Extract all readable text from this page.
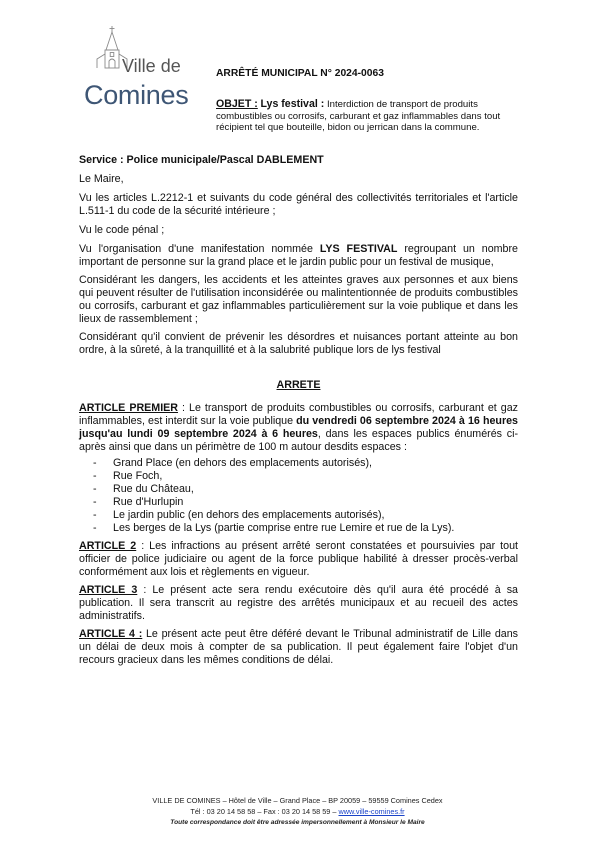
Ville de
Comines

ARRÊTÉ MUNICIPAL N° 2024-0063

OBJET : Lys festival : Interdiction de transport de produits combustibles ou corrosifs, carburant et gaz inflammables dans tout récipient tel que bouteille, bidon ou jerrican dans la commune.

Service : Police municipale/Pascal DABLEMENT

Le Maire,

Vu les articles L.2212-1 et suivants du code général des collectivités territoriales et l'article L.511-1 du code de la sécurité intérieure ;

Vu le code pénal ;

Vu l'organisation d'une manifestation nommée LYS FESTIVAL regroupant un nombre important de personne sur la grand place et le jardin public pour un festival de musique,

Considérant les dangers, les accidents et les atteintes graves aux personnes et aux biens qui peuvent résulter de l'utilisation inconsidérée ou malintentionnée de produits combustibles ou corrosifs, carburant et gaz inflammables particulièrement sur la voie publique et dans les lieux de rassemblement ;

Considérant qu'il convient de prévenir les désordres et nuisances portant atteinte au bon ordre, à la sûreté, à la tranquillité et à la salubrité publique lors de lys festival

ARRETE

ARTICLE PREMIER : Le transport de produits combustibles ou corrosifs, carburant et gaz inflammables, est interdit sur la voie publique du vendredi 06 septembre 2024 à 16 heures jusqu'au lundi 09 septembre 2024 à 6 heures, dans les espaces publics énumérés ci-après ainsi que dans un périmètre de 100 m autour desdits espaces :

- Grand Place (en dehors des emplacements autorisés),
- Rue Foch,
- Rue du Château,
- Rue d'Hurlupin
- Le jardin public (en dehors des emplacements autorisés),
- Les berges de la Lys (partie comprise entre rue Lemire et rue de la Lys).

ARTICLE 2 : Les infractions au présent arrêté seront constatées et poursuivies par tout officier de police judiciaire ou agent de la force publique habilité à dresser procès-verbal conformément aux lois et règlements en vigueur.

ARTICLE 3 : Le présent acte sera rendu exécutoire dès qu'il aura été procédé à sa publication. Il sera transcrit au registre des arrêtés municipaux et au recueil des actes administratifs.

ARTICLE 4 : Le présent acte peut être déféré devant le Tribunal administratif de Lille dans un délai de deux mois à compter de sa publication. Il peut également faire l'objet d'un recours gracieux dans les mêmes conditions de délai.

VILLE DE COMINES – Hôtel de Ville – Grand Place – BP 20059 – 59559 Comines Cedex
Tél : 03 20 14 58 58 – Fax : 03 20 14 58 59 – www.ville-comines.fr
Toute correspondance doit être adressée impersonnellement à Monsieur le Maire
